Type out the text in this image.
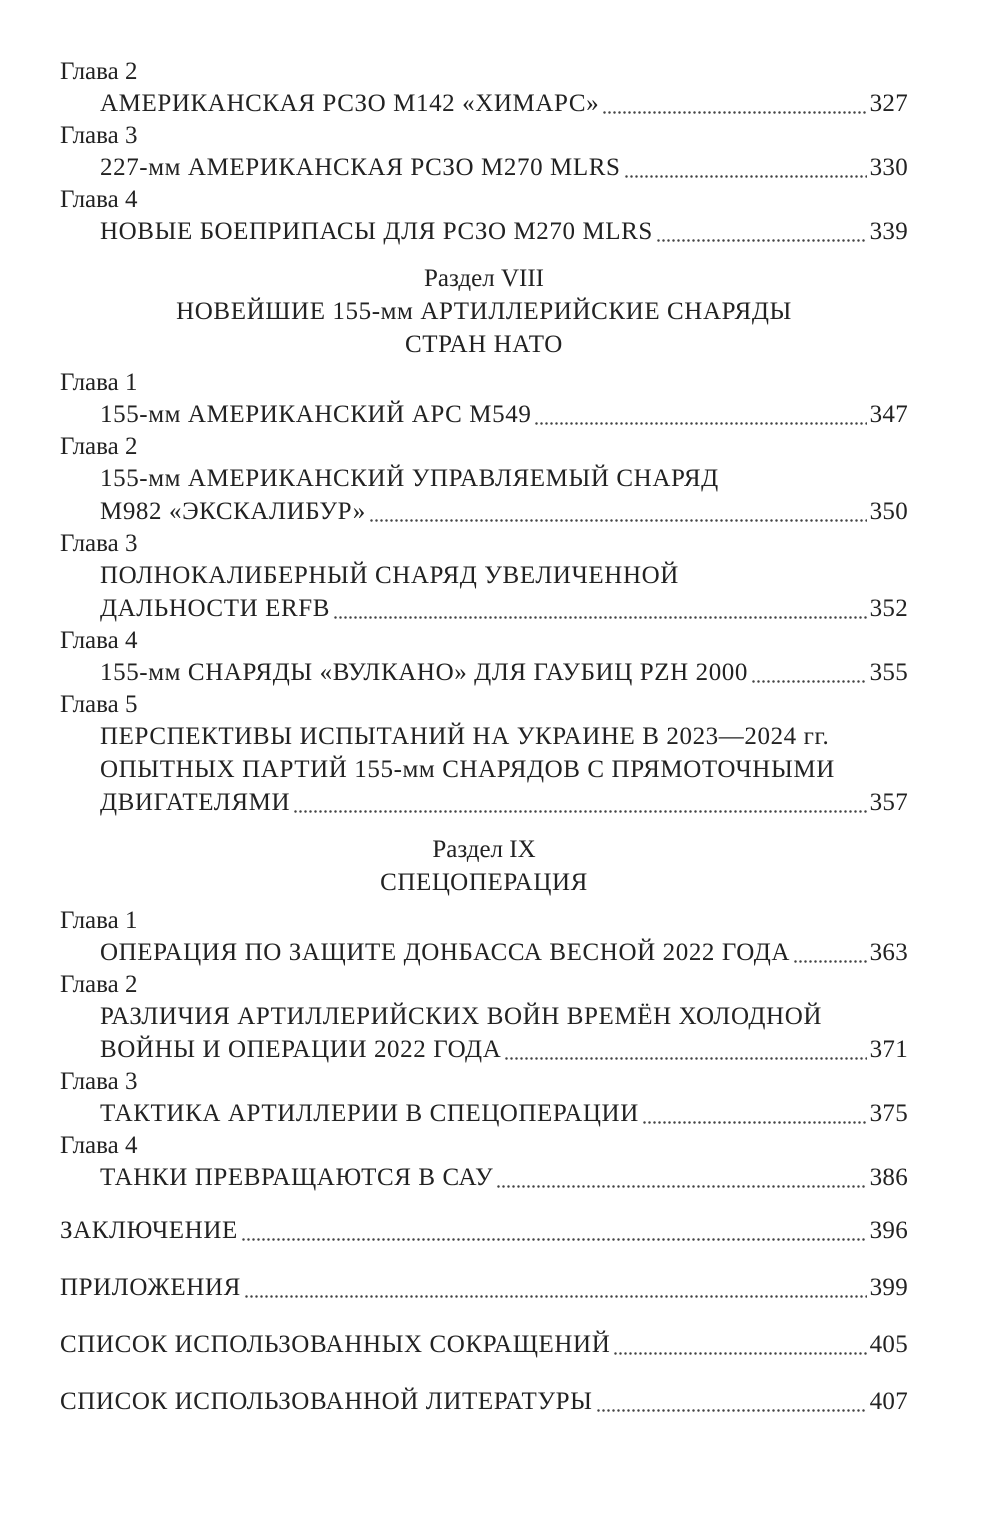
Глава 2
АМЕРИКАНСКАЯ РСЗО М142 «ХИМАРС»	327
Глава 3
227-мм АМЕРИКАНСКАЯ РСЗО M270 MLRS	330
Глава 4
НОВЫЕ БОЕПРИПАСЫ ДЛЯ РСЗО M270 MLRS	339
Раздел VIII
НОВЕЙШИЕ 155-мм АРТИЛЛЕРИЙСКИЕ СНАРЯДЫ
СТРАН НАТО
Глава 1
155-мм АМЕРИКАНСКИЙ АРС М549	347
Глава 2
155-мм АМЕРИКАНСКИЙ УПРАВЛЯЕМЫЙ СНАРЯД
М982 «ЭКСКАЛИБУР»	350
Глава 3
ПОЛНОКАЛИБЕРНЫЙ СНАРЯД УВЕЛИЧЕННОЙ
ДАЛЬНОСТИ ERFB	352
Глава 4
155-мм СНАРЯДЫ «ВУЛКАНО» ДЛЯ ГАУБИЦ PZH 2000	355
Глава 5
ПЕРСПЕКТИВЫ ИСПЫТАНИЙ НА УКРАИНЕ В 2023—2024 гг.
ОПЫТНЫХ ПАРТИЙ 155-мм СНАРЯДОВ С ПРЯМОТОЧНЫМИ
ДВИГАТЕЛЯМИ	357
Раздел IX
СПЕЦОПЕРАЦИЯ
Глава 1
ОПЕРАЦИЯ ПО ЗАЩИТЕ ДОНБАССА ВЕСНОЙ 2022 ГОДА	363
Глава 2
РАЗЛИЧИЯ АРТИЛЛЕРИЙСКИХ ВОЙН ВРЕМЁН ХОЛОДНОЙ
ВОЙНЫ И ОПЕРАЦИИ 2022 ГОДА	371
Глава 3
ТАКТИКА АРТИЛЛЕРИИ В СПЕЦОПЕРАЦИИ	375
Глава 4
ТАНКИ ПРЕВРАЩАЮТСЯ В САУ	386
ЗАКЛЮЧЕНИЕ	396
ПРИЛОЖЕНИЯ	399
СПИСОК ИСПОЛЬЗОВАННЫХ СОКРАЩЕНИЙ	405
СПИСОК ИСПОЛЬЗОВАННОЙ ЛИТЕРАТУРЫ	407
